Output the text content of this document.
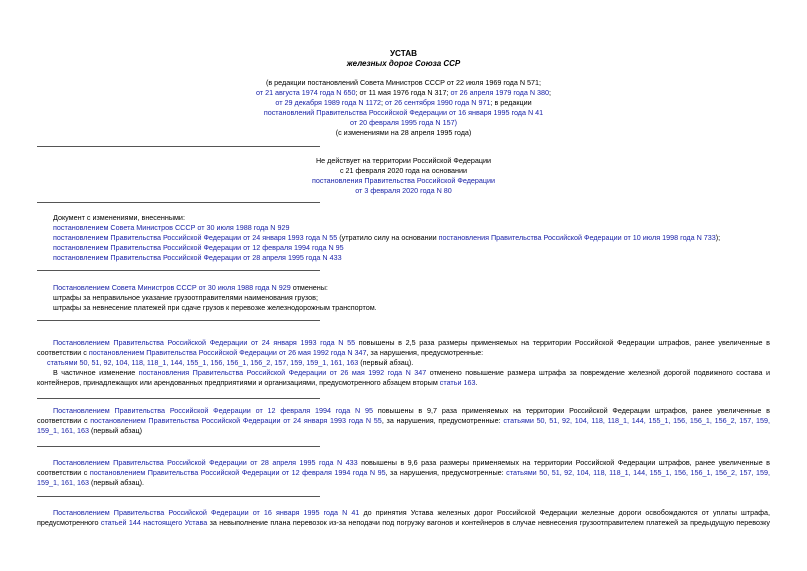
УСТАВ
железных дорог Союза ССР
(в редакции постановлений Совета Министров СССР от 22 июля 1969 года N 571;
от 21 августа 1974 года N 650; от 11 мая 1976 года N 317; от 26 апреля 1979 года N 380;
от 29 декабря 1989 года N 1172; от 26 сентября 1990 года N 971; в редакции
постановлений Правительства Российской Федерации от 16 января 1995 года N 41
от 20 февраля 1995 года N 157)
(с изменениями на 28 апреля 1995 года)
Не действует на территории Российской Федерации
с 21 февраля 2020 года на основании
постановления Правительства Российской Федерации
от 3 февраля 2020 года N 80
Документ с изменениями, внесенными:
постановлением Совета Министров СССР от 30 июля 1988 года N 929
постановлением Правительства Российской Федерации от 24 января 1993 года N 55 (утратило силу на основании постановления Правительства Российской Федерации от 10 июля 1998 года N 733);
постановлением Правительства Российской Федерации от 12 февраля 1994 года N 95
постановлением Правительства Российской Федерации от 28 апреля 1995 года N 433
Постановлением Совета Министров СССР от 30 июля 1988 года N 929 отменены:
штрафы за неправильное указание грузоотправителями наименования грузов;
штрафы за невнесение платежей при сдаче грузов к перевозке железнодорожным транспортом.
Постановлением Правительства Российской Федерации от 24 января 1993 года N 55 повышены в 2,5 раза размеры применяемых на территории Российской Федерации штрафов, ранее увеличенные в
соответствии с постановлением Правительства Российской Федерации от 26 мая 1992 года N 347, за нарушения, предусмотренные:
статьями 50, 51, 92, 104, 118, 118_1, 144, 155_1, 156, 156_1, 156_2, 157, 159, 159_1, 161, 163 (первый абзац).
В частичное изменение постановления Правительства Российской Федерации от 26 мая 1992 года N 347 отменено повышение размера штрафа за повреждение железной дорогой подвижного состава и
контейнеров, принадлежащих или арендованных предприятиями и организациями, предусмотренного абзацем вторым статьи 163.
Постановлением Правительства Российской Федерации от 12 февраля 1994 года N 95 повышены в 9,7 раза применяемых на территории Российской Федерации штрафов, ранее увеличенные в
соответствии с постановлением Правительства Российской Федерации от 24 января 1993 года N 55, за нарушения, предусмотренные: статьями 50, 51, 92, 104, 118, 118_1, 144, 155_1, 156, 156_1, 156_2, 157, 159,
159_1, 161, 163 (первый абзац)
Постановлением Правительства Российской Федерации от 28 апреля 1995 года N 433 повышены в 9,6 раза размеры применяемых на территории Российской Федерации штрафов, ранее увеличенные в
соответствии с постановлением Правительства Российской Федерации от 12 февраля 1994 года N 95, за нарушения, предусмотренные: статьями 50, 51, 92, 104, 118, 118_1, 144, 155_1, 156, 156_1, 156_2, 157, 159,
159_1, 161, 163 (первый абзац).
Постановлением Правительства Российской Федерации от 16 января 1995 года N 41 до принятия Устава железных дорог Российской Федерации железные дороги освобождаются от уплаты штрафа,
предусмотренного статьей 144 настоящего Устава за невыполнение плана перевозок из-за неподачи под погрузку вагонов и контейнеров в случае невнесения грузоотправителем платежей за предыдущую перевозку
